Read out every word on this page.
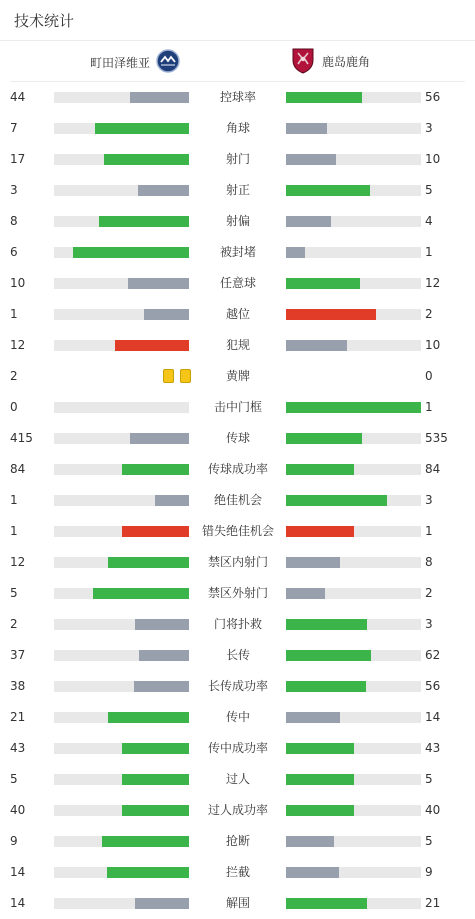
技术统计
町田泽维亚	鹿岛鹿角
44	控球率	56
7	角球	3
17	射门	10
3	射正	5
8	射偏	4
6	被封堵	1
10	任意球	12
1	越位	2
12	犯规	10
2	黄牌	0
0	击中门框	1
415	传球	535
84	传球成功率	84
1	绝佳机会	3
1	错失绝佳机会	1
12	禁区内射门	8
5	禁区外射门	2
2	门将扑救	3
37	长传	62
38	长传成功率	56
21	传中	14
43	传中成功率	43
5	过人	5
40	过人成功率	40
9	抢断	5
14	拦截	9
14	解围	21
